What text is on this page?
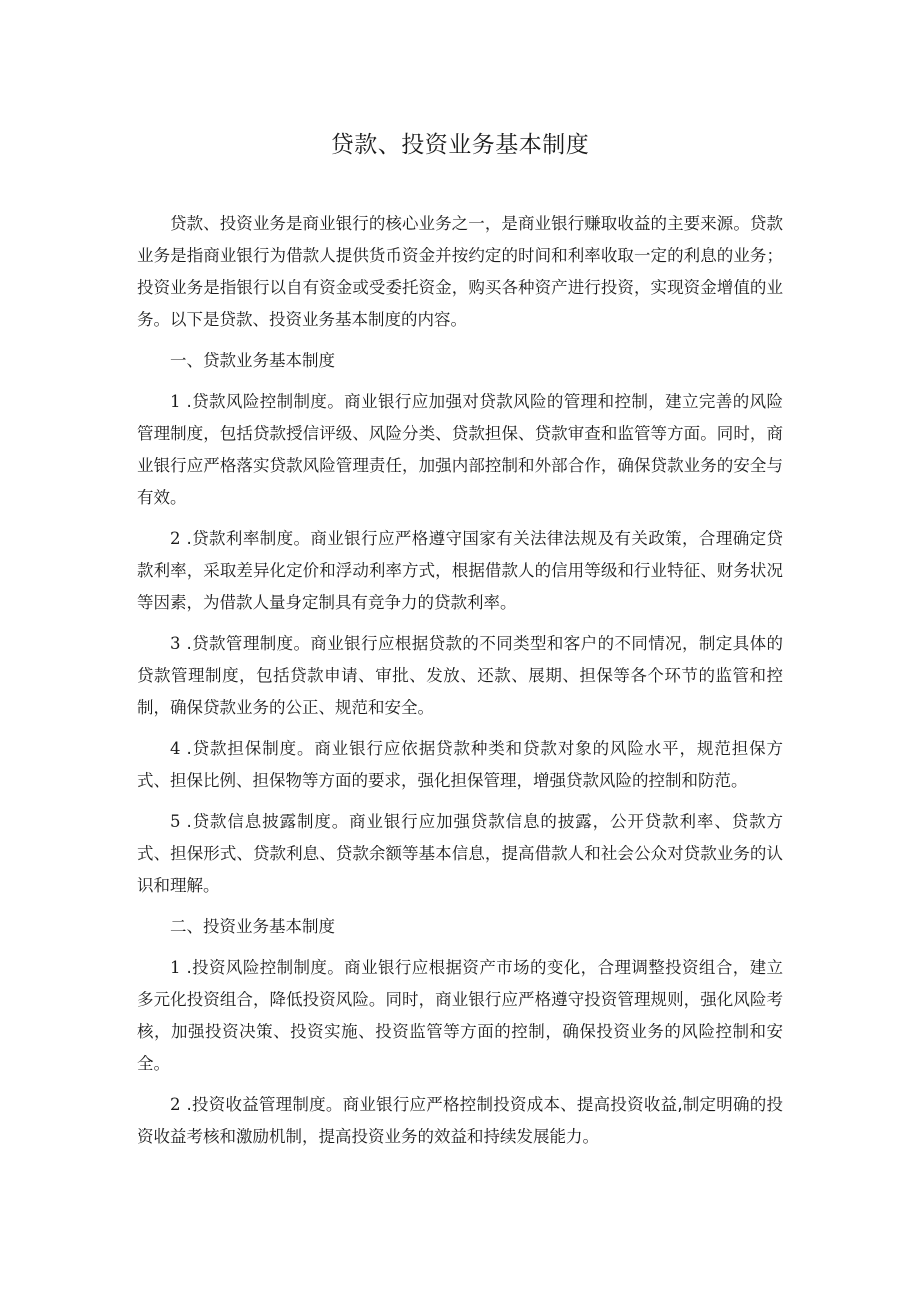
贷款、投资业务基本制度

贷款、投资业务是商业银行的核心业务之一，是商业银行赚取收益的主要来源。贷款业务是指商业银行为借款人提供货币资金并按约定的时间和利率收取一定的利息的业务；投资业务是指银行以自有资金或受委托资金，购买各种资产进行投资，实现资金增值的业务。以下是贷款、投资业务基本制度的内容。

一、贷款业务基本制度

1 .贷款风险控制制度。商业银行应加强对贷款风险的管理和控制，建立完善的风险管理制度，包括贷款授信评级、风险分类、贷款担保、贷款审查和监管等方面。同时，商业银行应严格落实贷款风险管理责任，加强内部控制和外部合作，确保贷款业务的安全与有效。

2 .贷款利率制度。商业银行应严格遵守国家有关法律法规及有关政策，合理确定贷款利率，采取差异化定价和浮动利率方式，根据借款人的信用等级和行业特征、财务状况等因素，为借款人量身定制具有竞争力的贷款利率。

3 .贷款管理制度。商业银行应根据贷款的不同类型和客户的不同情况，制定具体的贷款管理制度，包括贷款申请、审批、发放、还款、展期、担保等各个环节的监管和控制，确保贷款业务的公正、规范和安全。

4 .贷款担保制度。商业银行应依据贷款种类和贷款对象的风险水平，规范担保方式、担保比例、担保物等方面的要求，强化担保管理，增强贷款风险的控制和防范。

5 .贷款信息披露制度。商业银行应加强贷款信息的披露，公开贷款利率、贷款方式、担保形式、贷款利息、贷款余额等基本信息，提高借款人和社会公众对贷款业务的认识和理解。

二、投资业务基本制度

1 .投资风险控制制度。商业银行应根据资产市场的变化，合理调整投资组合，建立多元化投资组合，降低投资风险。同时，商业银行应严格遵守投资管理规则，强化风险考核，加强投资决策、投资实施、投资监管等方面的控制，确保投资业务的风险控制和安全。

2 .投资收益管理制度。商业银行应严格控制投资成本、提高投资收益,制定明确的投资收益考核和激励机制，提高投资业务的效益和持续发展能力。
